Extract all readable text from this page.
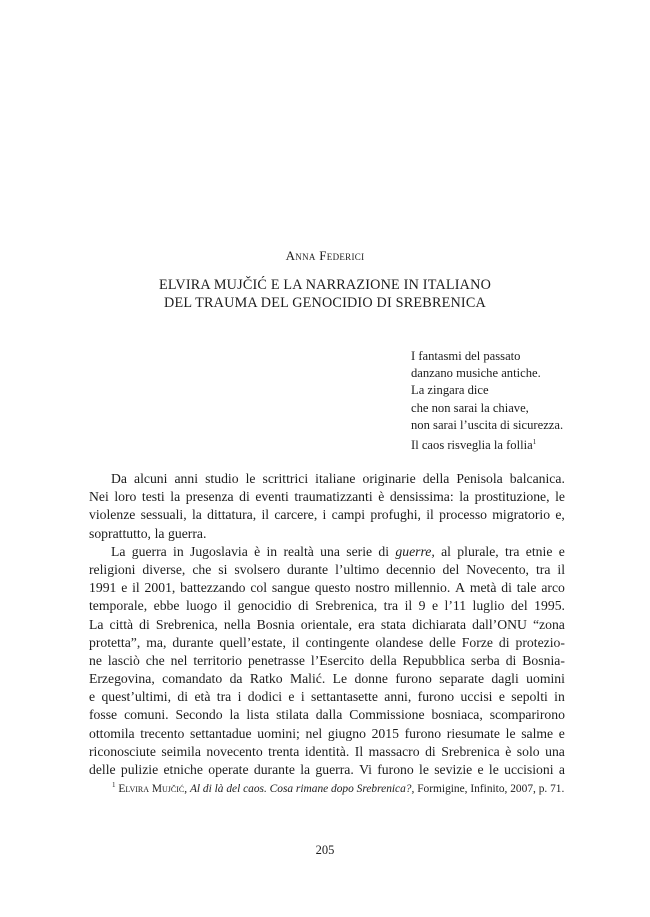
Anna Federici
ELVIRA MUJČIĆ E LA NARRAZIONE IN ITALIANO
DEL TRAUMA DEL GENOCIDIO DI SREBRENICA
I fantasmi del passato
danzano musiche antiche.
La zingara dice
che non sarai la chiave,
non sarai l’uscita di sicurezza.
Il caos risveglia la follia$^1$
Da alcuni anni studio le scrittrici italiane originarie della Penisola balcanica.
Nei loro testi la presenza di eventi traumatizzanti è densissima: la prostituzione, le
violenze sessuali, la dittatura, il carcere, i campi profughi, il processo migratorio e,
soprattutto, la guerra.
La guerra in Jugoslavia è in realtà una serie di guerre, al plurale, tra etnie e
religioni diverse, che si svolsero durante l’ultimo decennio del Novecento, tra il
1991 e il 2001, battezzando col sangue questo nostro millennio. A metà di tale arco
temporale, ebbe luogo il genocidio di Srebrenica, tra il 9 e l’11 luglio del 1995.
La città di Srebrenica, nella Bosnia orientale, era stata dichiarata dall’ONU “zona
protetta”, ma, durante quell’estate, il contingente olandese delle Forze di protezio-
ne lasciò che nel territorio penetrasse l’Esercito della Repubblica serba di Bosnia-
Erzegovina, comandato da Ratko Malić. Le donne furono separate dagli uomini
e quest’ultimi, di età tra i dodici e i settantasette anni, furono uccisi e sepolti in
fosse comuni. Secondo la lista stilata dalla Commissione bosniaca, scomparirono
ottomila trecento settantadue uomini; nel giugno 2015 furono riesumate le salme e
riconosciute seimila novecento trenta identità. Il massacro di Srebrenica è solo una
delle pulizie etniche operate durante la guerra. Vi furono le sevizie e le uccisioni a
$^1$ Elvira Mujčić, Al di là del caos. Cosa rimane dopo Srebrenica?, Formigine, Infinito, 2007, p. 71.
205
